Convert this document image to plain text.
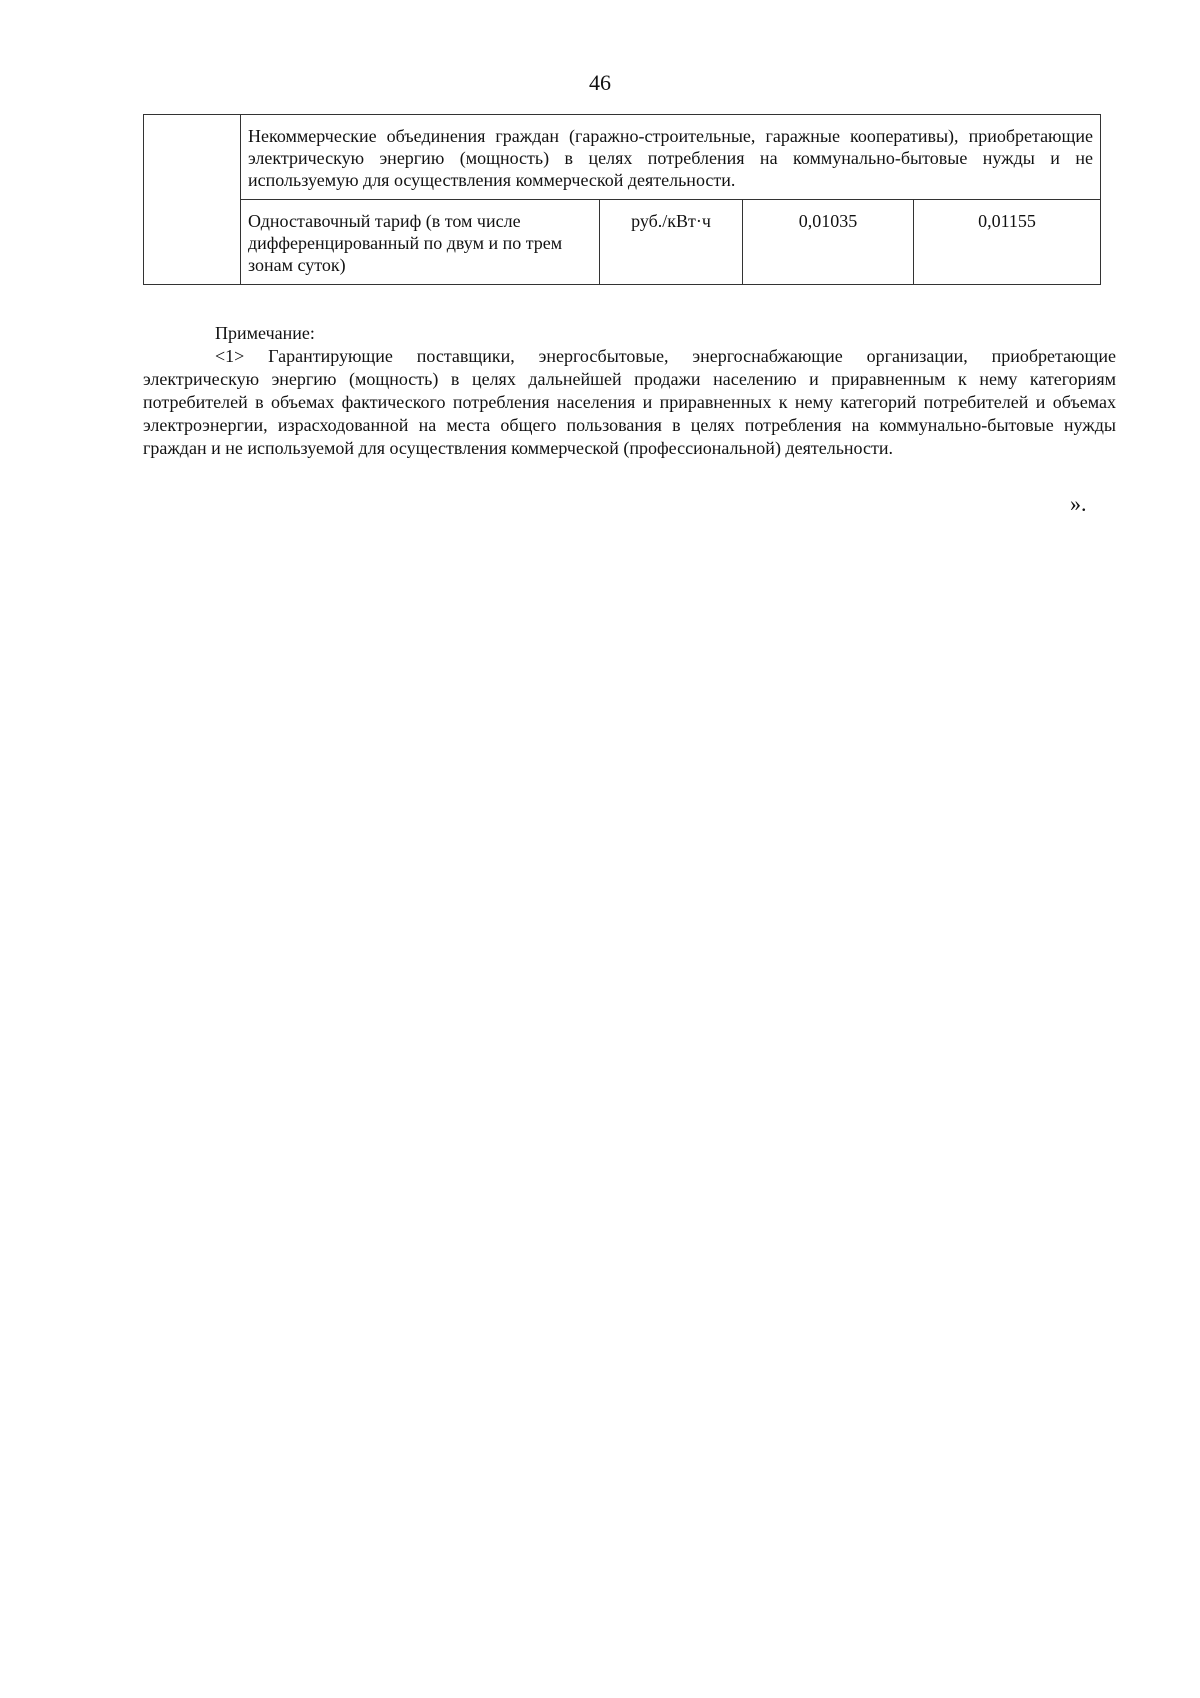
46
	Некоммерческие объединения граждан (гаражно-строительные, гаражные кооперативы), приобретающие электрическую энергию (мощность) в целях потребления на коммунально-бытовые нужды и не используемую для осуществления коммерческой деятельности.			
	Одноставочный тариф (в том числе дифференцированный по двум и по трем зонам суток)	руб./кВт·ч	0,01035	0,01155
Примечание:

<1> Гарантирующие поставщики, энергосбытовые, энергоснабжающие организации, приобретающие электрическую энергию (мощность) в целях дальнейшей продажи населению и приравненным к нему категориям потребителей в объемах фактического потребления населения и приравненных к нему категорий потребителей и объемах электроэнергии, израсходованной на места общего пользования в целях потребления на коммунально-бытовые нужды граждан и не используемой для осуществления коммерческой (профессиональной) деятельности.

».
